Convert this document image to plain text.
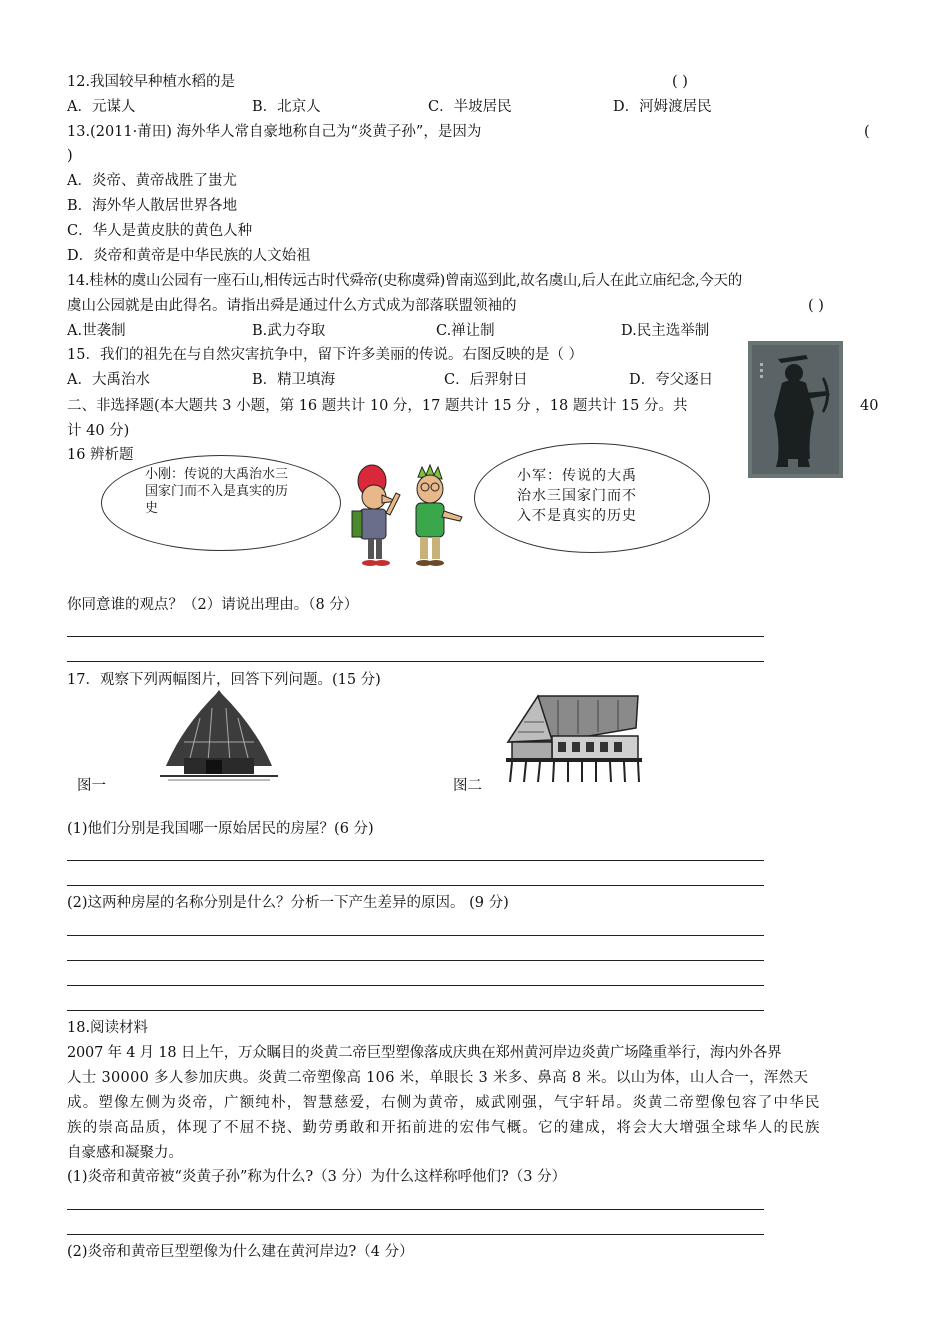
12.我国较早种植水稻的是	( )
A．元谋人	B．北京人	C．半坡居民	D．河姆渡居民
13.(2011·莆田) 海外华人常自豪地称自己为“炎黄子孙”，是因为	(
)
A．炎帝、黄帝战胜了蚩尤
B．海外华人散居世界各地
C．华人是黄皮肤的黄色人种
D．炎帝和黄帝是中华民族的人文始祖
14.桂林的虞山公园有一座石山,相传远古时代舜帝(史称虞舜)曾南巡到此,故名虞山,后人在此立庙纪念,今天的
虞山公园就是由此得名。请指出舜是通过什么方式成为部落联盟领袖的	( )
A.世袭制	B.武力夺取	C.禅让制	D.民主选举制
15．我们的祖先在与自然灾害抗争中，留下许多美丽的传说。右图反映的是（ ）
A．大禹治水	B．精卫填海	C．后羿射日	D．夸父逐日
二、非选择题(本大题共 3 小题，第 16 题共计 10 分，17 题共计 15 分 ，18 题共计 15 分。共	40
计 40 分)
16 辨析题
小刚：传说的大禹治水三
国家门而不入是真实的历
史
小军：传说的大禹
治水三国家门而不
入不是真实的历史
你同意谁的观点？（2）请说出理由。（8 分）
17．观察下列两幅图片，回答下列问题。(15 分)
图一	图二
(1)他们分别是我国哪一原始居民的房屋？(6 分)
(2)这两种房屋的名称分别是什么？分析一下产生差异的原因。 (9 分)
18.阅读材料
2007 年 4 月 18 日上午，万众瞩目的炎黄二帝巨型塑像落成庆典在郑州黄河岸边炎黄广场隆重举行，海内外各界
人士 30000 多人参加庆典。炎黄二帝塑像高 106 米，单眼长 3 米多、鼻高 8 米。以山为体，山人合一，浑然天
成。塑像左侧为炎帝，广额纯朴，智慧慈爱，右侧为黄帝，威武刚强，气宇轩昂。炎黄二帝塑像包容了中华民
族的崇高品质，体现了不屈不挠、勤劳勇敢和开拓前进的宏伟气概。它的建成，将会大大增强全球华人的民族
自豪感和凝聚力。
(1)炎帝和黄帝被“炎黄子孙”称为什么?（3 分）为什么这样称呼他们?（3 分）
(2)炎帝和黄帝巨型塑像为什么建在黄河岸边?（4 分）
